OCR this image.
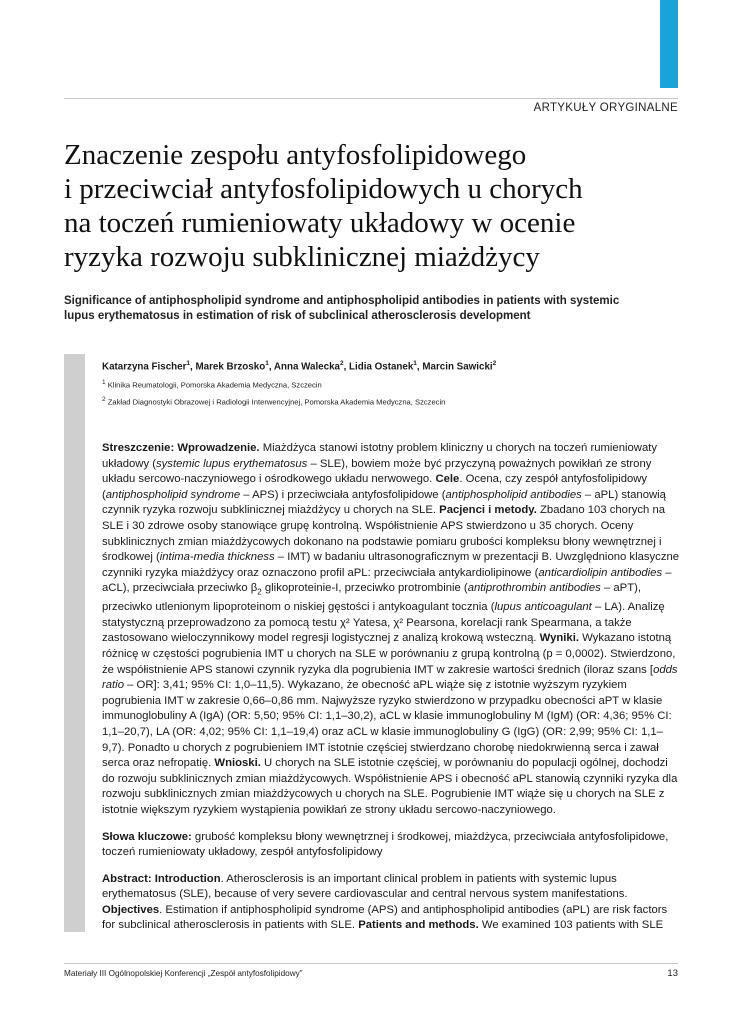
ARTYKUŁY ORYGINALNE
Znaczenie zespołu antyfosfolipidowego
i przeciwciał antyfosfolipidowych u chorych
na toczeń rumieniowaty układowy w ocenie
ryzyka rozwoju subklinicznej miażdżycy

Significance of antiphospholipid syndrome and antiphospholipid antibodies in patients with systemic lupus erythematosus in estimation of risk of subclinical atherosclerosis development

Katarzyna Fischer$^1$, Marek Brzosko$^1$, Anna Walecka$^2$, Lidia Ostanek$^1$, Marcin Sawicki$^2$
$^1$ Klinika Reumatologii, Pomorska Akademia Medyczna, Szczecin
$^2$ Zakład Diagnostyki Obrazowej i Radiologii Interwencyjnej, Pomorska Akademia Medyczna, Szczecin

Streszczenie: Wprowadzenie. Miażdżyca stanowi istotny problem kliniczny u chorych na toczeń rumieniowaty układowy (systemic lupus erythematosus – SLE), bowiem może być przyczyną poważnych powikłań ze strony układu sercowo-naczyniowego i ośrodkowego układu nerwowego. Cele. Ocena, czy zespół antyfosfolipidowy (antiphospholipid syndrome – APS) i przeciwciała antyfosfolipidowe (antiphospholipid antibodies – aPL) stanowią czynnik ryzyka rozwoju subklinicznej miażdżycy u chorych na SLE. Pacjenci i metody. Zbadano 103 chorych na SLE i 30 zdrowe osoby stanowiące grupę kontrolną. Współistnienie APS stwierdzono u 35 chorych. Oceny subklinicznych zmian miażdżycowych dokonano na podstawie pomiaru grubości kompleksu błony wewnętrznej i środkowej (intima-media thickness – IMT) w badaniu ultrasonograficznym w prezentacji B. Uwzględniono klasyczne czynniki ryzyka miażdżycy oraz oznaczono profil aPL: przeciwciała antykardiolipinowe (anticardiolipin antibodies – aCL), przeciwciała przeciwko $\beta_2$ glikoproteinie-I, przeciwko protrombinie (antiprothrombin antibodies – aPT), przeciwko utlenionym lipoproteinom o niskiej gęstości i antykoagulant tocznia (lupus anticoagulant – LA). Analizę statystyczną przeprowadzono za pomocą testu χ² Yatesa, χ² Pearsona, korelacji rank Spearmana, a także zastosowano wieloczynnikowy model regresji logistycznej z analizą krokową wsteczną. Wyniki. Wykazano istotną różnicę w częstości pogrubienia IMT u chorych na SLE w porównaniu z grupą kontrolną (p = 0,0002). Stwierdzono, że współistnienie APS stanowi czynnik ryzyka dla pogrubienia IMT w zakresie wartości średnich (iloraz szans [odds ratio – OR]: 3,41; 95% CI: 1,0–11,5). Wykazano, że obecność aPL wiąże się z istotnie wyższym ryzykiem pogrubienia IMT w zakresie 0,66–0,86 mm. Najwyższe ryzyko stwierdzono w przypadku obecności aPT w klasie immunoglobuliny A (IgA) (OR: 5,50; 95% CI: 1,1–30,2), aCL w klasie immunoglobuliny M (IgM) (OR: 4,36; 95% CI: 1,1–20,7), LA (OR: 4,02; 95% CI: 1,1–19,4) oraz aCL w klasie immunoglobuliny G (IgG) (OR: 2,99; 95% CI: 1,1–9,7). Ponadto u chorych z pogrubieniem IMT istotnie częściej stwierdzano chorobę niedokrwienną serca i zawał serca oraz nefropatię. Wnioski. U chorych na SLE istotnie częściej, w porównaniu do populacji ogólnej, dochodzi do rozwoju subklinicznych zmian miażdżycowych. Współistnienie APS i obecność aPL stanowią czynniki ryzyka dla rozwoju subklinicznych zmian miażdżycowych u chorych na SLE. Pogrubienie IMT wiąże się u chorych na SLE z istotnie większym ryzykiem wystąpienia powikłań ze strony układu sercowo-naczyniowego.

Słowa kluczowe: grubość kompleksu błony wewnętrznej i środkowej, miażdżyca, przeciwciała antyfosfolipidowe, toczeń rumieniowaty układowy, zespół antyfosfolipidowy

Abstract: Introduction. Atherosclerosis is an important clinical problem in patients with systemic lupus erythematosus (SLE), because of very severe cardiovascular and central nervous system manifestations. Objectives. Estimation if antiphospholipid syndrome (APS) and antiphospholipid antibodies (aPL) are risk factors for subclinical atherosclerosis in patients with SLE. Patients and methods. We examined 103 patients with SLE

Materiały III Ogólnopolskiej Konferencji „Zespół antyfosfolipidowy”	13
